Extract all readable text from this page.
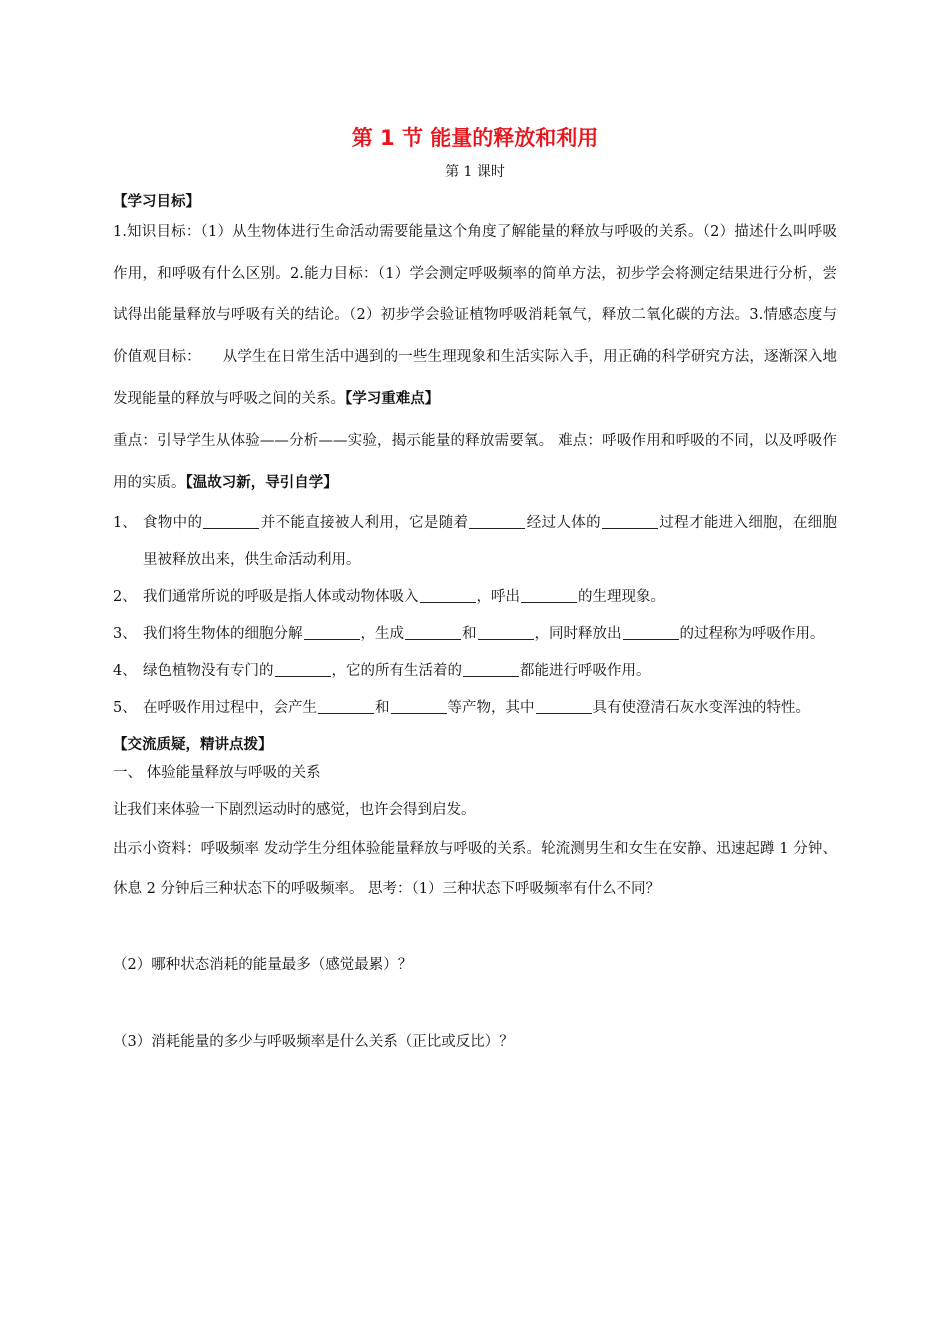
第 1 节 能量的释放和利用
第 1 课时
【学习目标】

1.知识目标：（1）从生物体进行生命活动需要能量这个角度了解能量的释放与呼吸的关系。（2）描述什么叫呼吸作用，和呼吸有什么区别。2.能力目标：（1）学会测定呼吸频率的简单方法，初步学会将测定结果进行分析，尝试得出能量释放与呼吸有关的结论。（2）初步学会验证植物呼吸消耗氧气，释放二氧化碳的方法。3.情感态度与价值观目标：　　从学生在日常生活中遇到的一些生理现象和生活实际入手，用正确的科学研究方法，逐渐深入地发现能量的释放与呼吸之间的关系。【学习重难点】

重点：引导学生从体验——分析——实验，揭示能量的释放需要氧。 难点：呼吸作用和呼吸的不同，以及呼吸作用的实质。【温故习新，导引自学】

1、 食物中的	并不能直接被人利用，它是随着	经过人体的	过程才能进入细胞，在细胞里被释放出来，供生命活动利用。
2、 我们通常所说的呼吸是指人体或动物体吸入	，呼出	的生理现象。
3、 我们将生物体的细胞分解	，生成	和	，同时释放出	的过程称为呼吸作用。
4、 绿色植物没有专门的	，它的所有生活着的	都能进行呼吸作用。
5、 在呼吸作用过程中，会产生	和	等产物，其中	具有使澄清石灰水变浑浊的特性。
【交流质疑，精讲点拨】

一、 体验能量释放与呼吸的关系

让我们来体验一下剧烈运动时的感觉，也许会得到启发。

出示小资料：呼吸频率 发动学生分组体验能量释放与呼吸的关系。轮流测男生和女生在安静、迅速起蹲 1 分钟、休息 2 分钟后三种状态下的呼吸频率。 思考：（1）三种状态下呼吸频率有什么不同？

（2）哪种状态消耗的能量最多（感觉最累）？

（3）消耗能量的多少与呼吸频率是什么关系（正比或反比）？
